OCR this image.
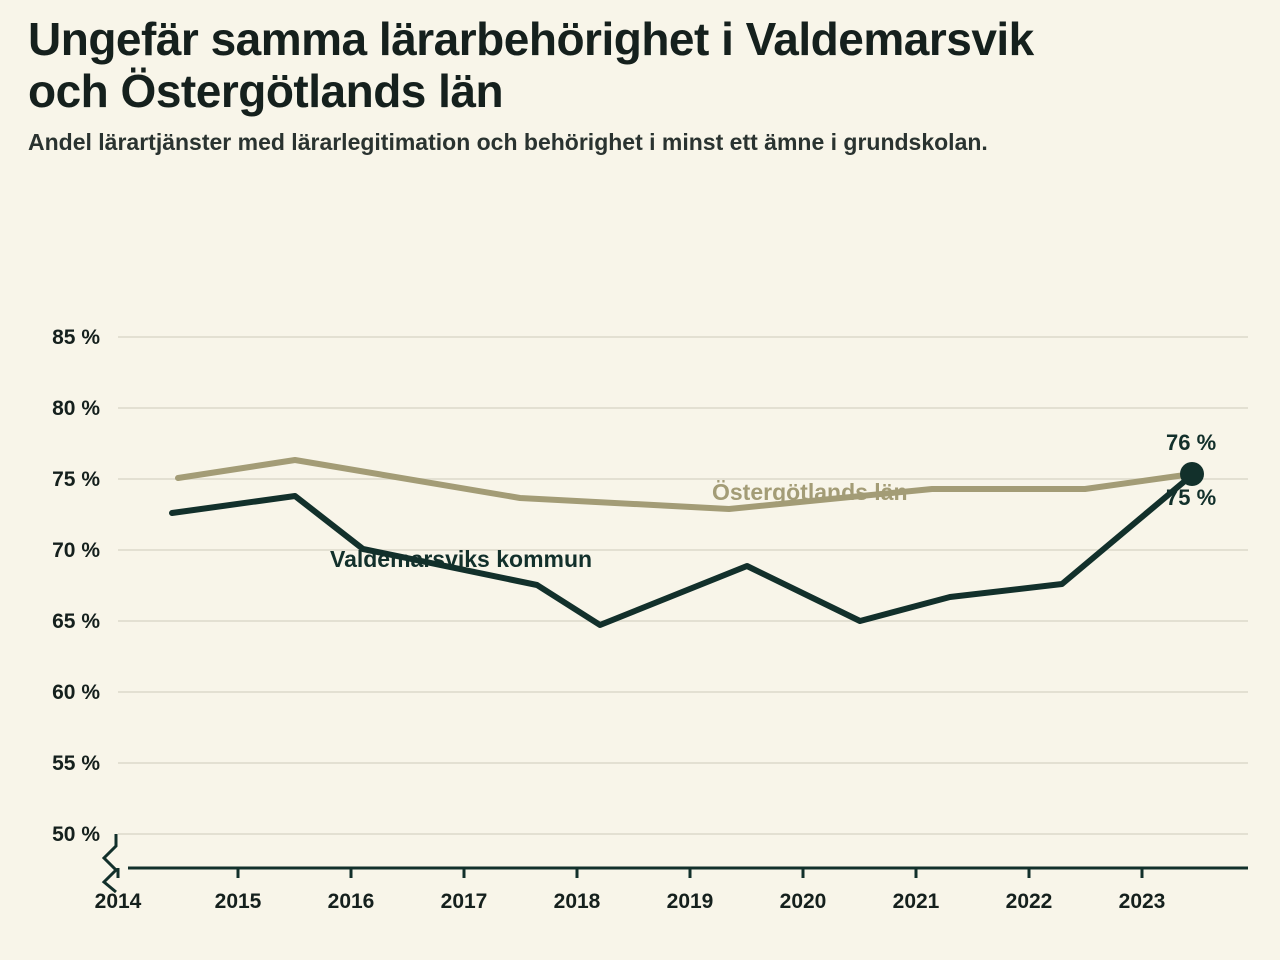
Ungefär samma lärarbehörighet i Valdemarsvik och Östergötlands län

Andel lärartjänster med lärarlegitimation och behörighet i minst ett ämne i grundskolan.

85 %
80 %
75 %
70 %
65 %
60 %
55 %
50 %
2014	2015	2016	2017	2018	2019	2020	2021	2022	2023
Östergötlands län
Valdemarsviks kommun
76 %
75 %
